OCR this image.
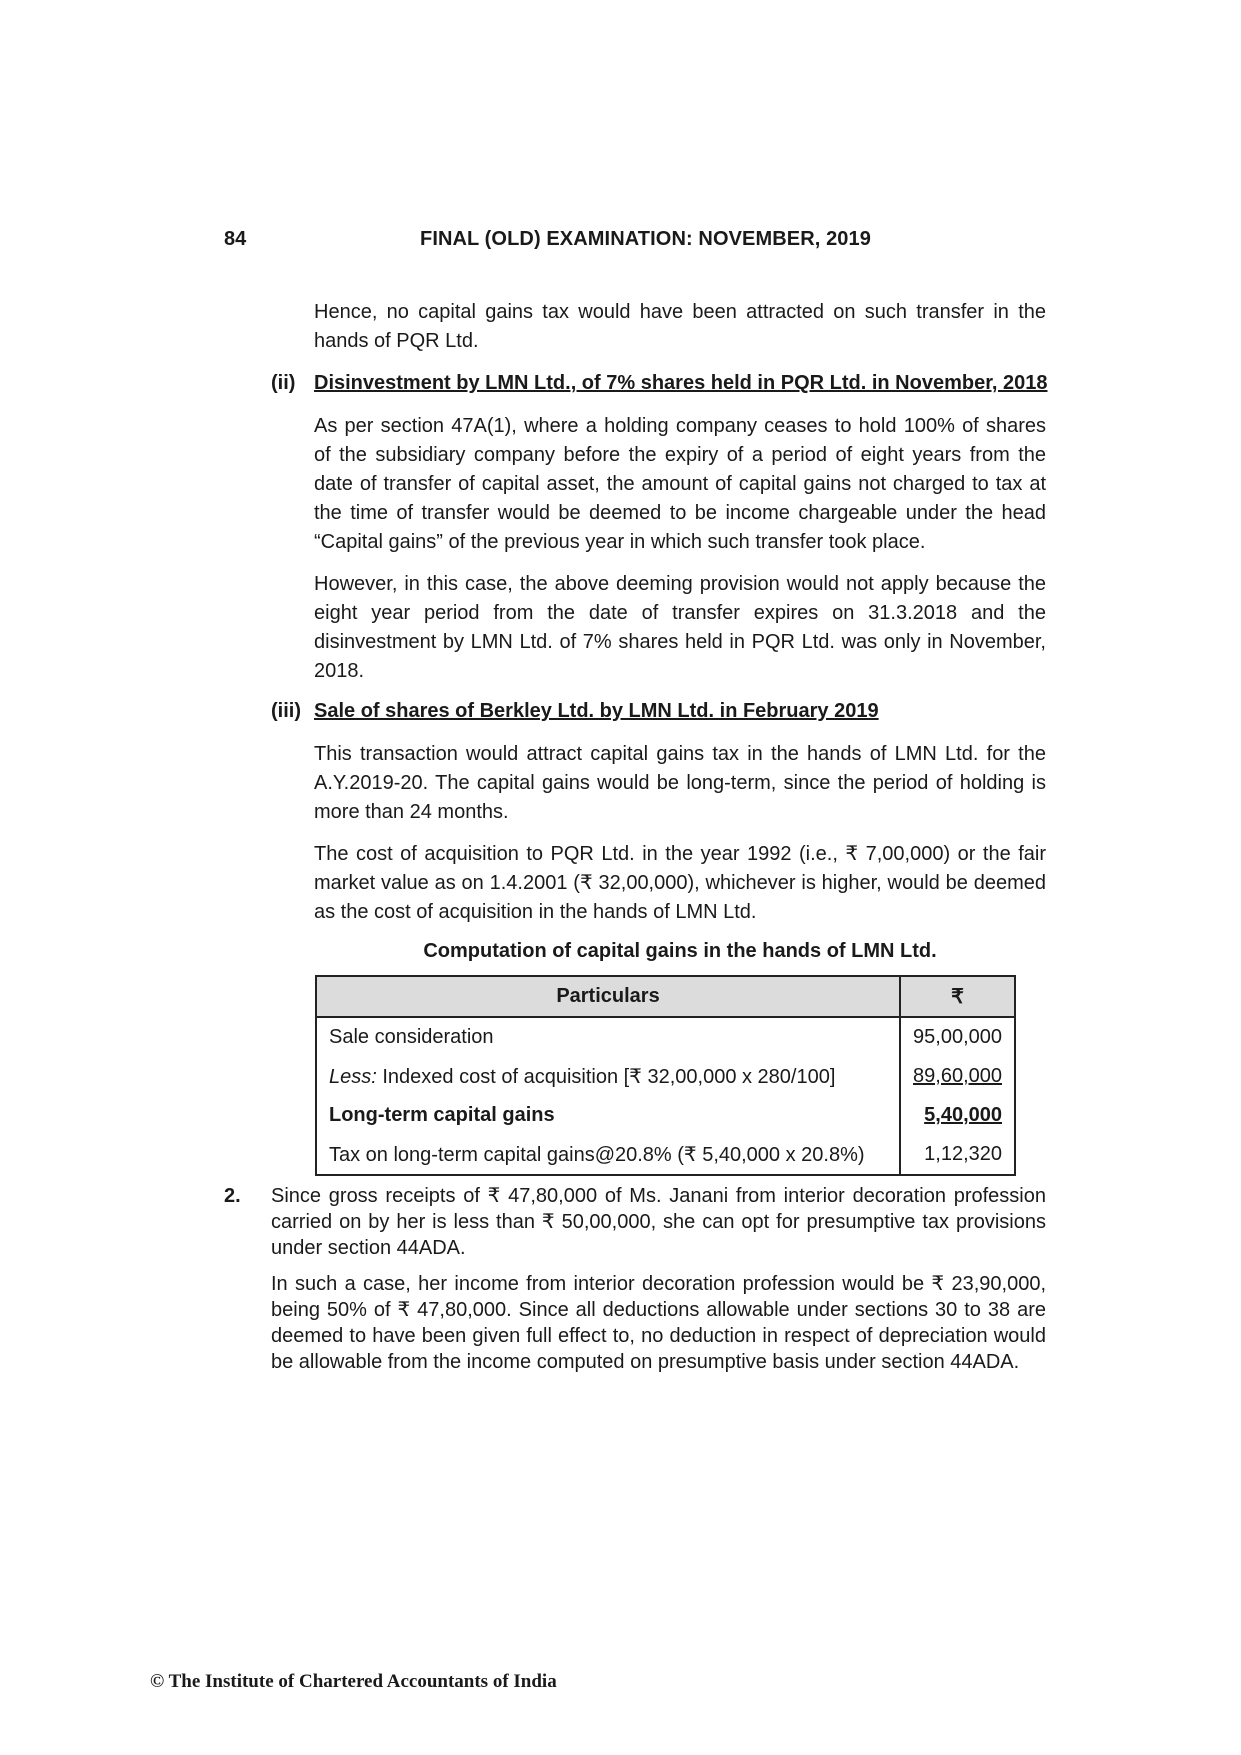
84	FINAL (OLD) EXAMINATION: NOVEMBER, 2019

Hence, no capital gains tax would have been attracted on such transfer in the hands of PQR Ltd.

(ii) Disinvestment by LMN Ltd., of 7% shares held in PQR Ltd. in November, 2018

As per section 47A(1), where a holding company ceases to hold 100% of shares of the subsidiary company before the expiry of a period of eight years from the date of transfer of capital asset, the amount of capital gains not charged to tax at the time of transfer would be deemed to be income chargeable under the head “Capital gains” of the previous year in which such transfer took place.

However, in this case, the above deeming provision would not apply because the eight year period from the date of transfer expires on 31.3.2018 and the disinvestment by LMN Ltd. of 7% shares held in PQR Ltd. was only in November, 2018.

(iii) Sale of shares of Berkley Ltd. by LMN Ltd. in February 2019

This transaction would attract capital gains tax in the hands of LMN Ltd. for the A.Y.2019-20. The capital gains would be long-term, since the period of holding is more than 24 months.

The cost of acquisition to PQR Ltd. in the year 1992 (i.e., ₹ 7,00,000) or the fair market value as on 1.4.2001 (₹ 32,00,000), whichever is higher, would be deemed as the cost of acquisition in the hands of LMN Ltd.

Computation of capital gains in the hands of LMN Ltd.
Particulars	₹
Sale consideration	95,00,000
Less: Indexed cost of acquisition [₹ 32,00,000 x 280/100]	89,60,000
Long-term capital gains	5,40,000
Tax on long-term capital gains@20.8% (₹ 5,40,000 x 20.8%)	1,12,320
2. Since gross receipts of ₹ 47,80,000 of Ms. Janani from interior decoration profession carried on by her is less than ₹ 50,00,000, she can opt for presumptive tax provisions under section 44ADA.

In such a case, her income from interior decoration profession would be ₹ 23,90,000, being 50% of ₹ 47,80,000. Since all deductions allowable under sections 30 to 38 are deemed to have been given full effect to, no deduction in respect of depreciation would be allowable from the income computed on presumptive basis under section 44ADA.

© The Institute of Chartered Accountants of India
